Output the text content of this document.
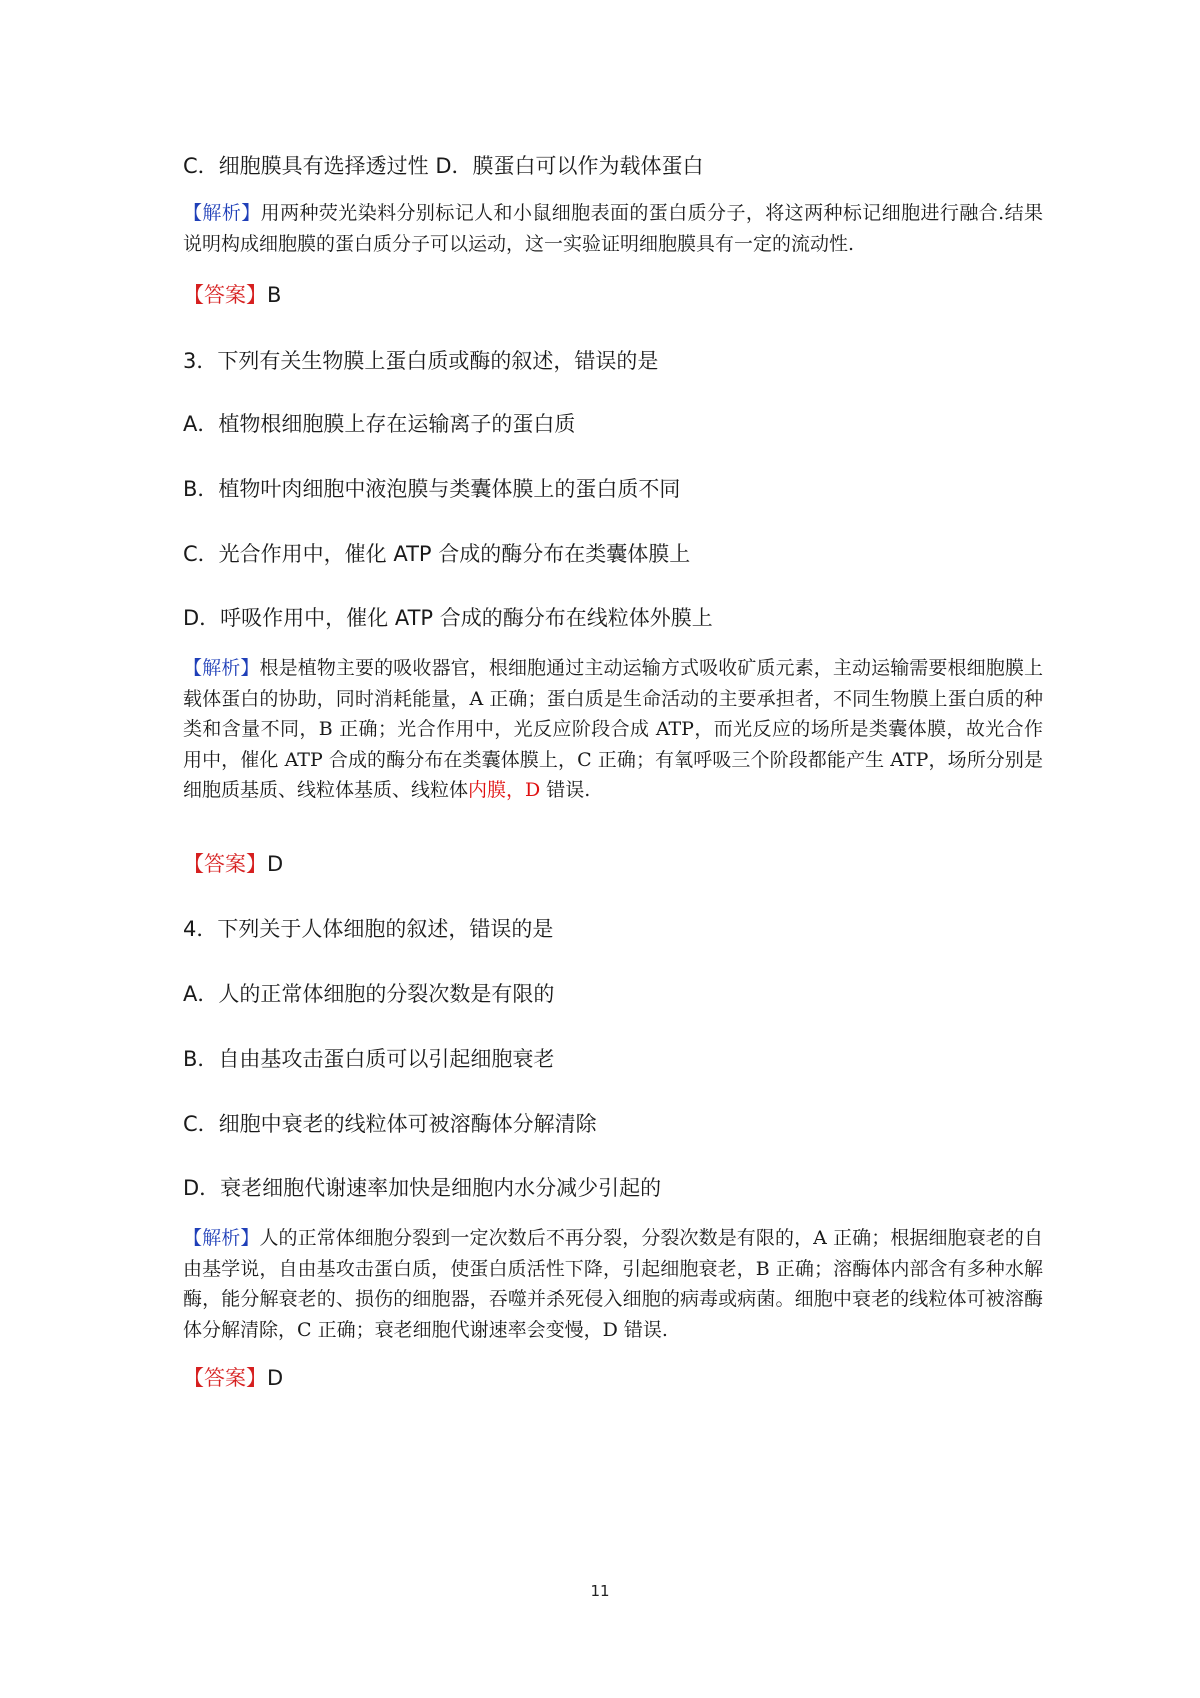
C．细胞膜具有选择透过性 D．膜蛋白可以作为载体蛋白
【解析】用两种荧光染料分别标记人和小鼠细胞表面的蛋白质分子，将这两种标记细胞进行融合.结果说明构成细胞膜的蛋白质分子可以运动，这一实验证明细胞膜具有一定的流动性.
【答案】B
3．下列有关生物膜上蛋白质或酶的叙述，错误的是
A．植物根细胞膜上存在运输离子的蛋白质
B．植物叶肉细胞中液泡膜与类囊体膜上的蛋白质不同
C．光合作用中，催化 ATP 合成的酶分布在类囊体膜上
D．呼吸作用中，催化 ATP 合成的酶分布在线粒体外膜上
【解析】根是植物主要的吸收器官，根细胞通过主动运输方式吸收矿质元素，主动运输需要根细胞膜上载体蛋白的协助，同时消耗能量，A 正确；蛋白质是生命活动的主要承担者，不同生物膜上蛋白质的种类和含量不同，B 正确；光合作用中，光反应阶段合成 ATP，而光反应的场所是类囊体膜，故光合作用中，催化 ATP 合成的酶分布在类囊体膜上，C 正确；有氧呼吸三个阶段都能产生 ATP，场所分别是细胞质基质、线粒体基质、线粒体内膜，D 错误.
【答案】D
4．下列关于人体细胞的叙述，错误的是
A．人的正常体细胞的分裂次数是有限的
B．自由基攻击蛋白质可以引起细胞衰老
C．细胞中衰老的线粒体可被溶酶体分解清除
D．衰老细胞代谢速率加快是细胞内水分减少引起的
【解析】人的正常体细胞分裂到一定次数后不再分裂，分裂次数是有限的，A 正确；根据细胞衰老的自由基学说，自由基攻击蛋白质，使蛋白质活性下降，引起细胞衰老，B 正确；溶酶体内部含有多种水解酶，能分解衰老的、损伤的细胞器，吞噬并杀死侵入细胞的病毒或病菌。细胞中衰老的线粒体可被溶酶体分解清除，C 正确；衰老细胞代谢速率会变慢，D 错误.
【答案】D
11
